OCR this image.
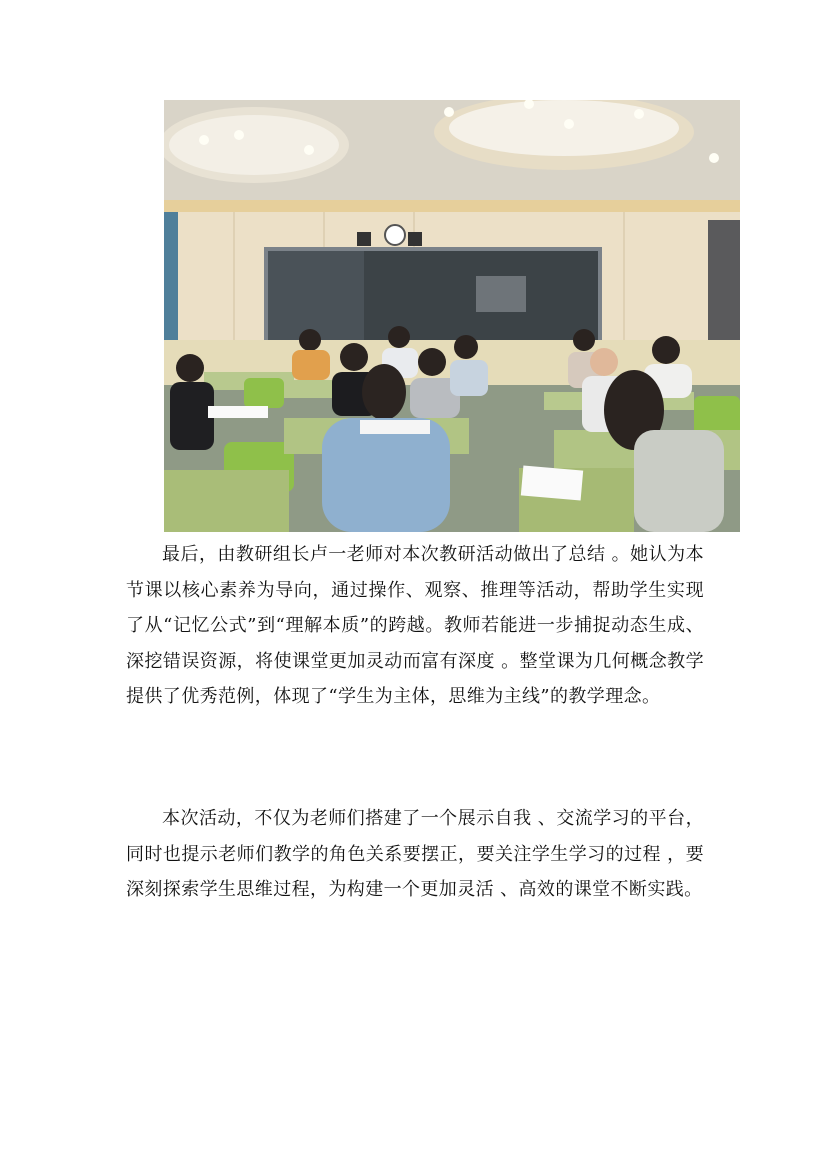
最后，由教研组长卢一老师对本次教研活动做出了总结 。她认为本节课以核心素养为导向，通过操作、观察、推理等活动，帮助学生实现了从“记忆公式”到“理解本质”的跨越。教师若能进一步捕捉动态生成、深挖错误资源，将使课堂更加灵动而富有深度 。整堂课为几何概念教学提供了优秀范例，体现了“学生为主体，思维为主线”的教学理念。

本次活动，不仅为老师们搭建了一个展示自我 、交流学习的平台，同时也提示老师们教学的角色关系要摆正，要关注学生学习的过程 ，要深刻探索学生思维过程，为构建一个更加灵活 、高效的课堂不断实践。
